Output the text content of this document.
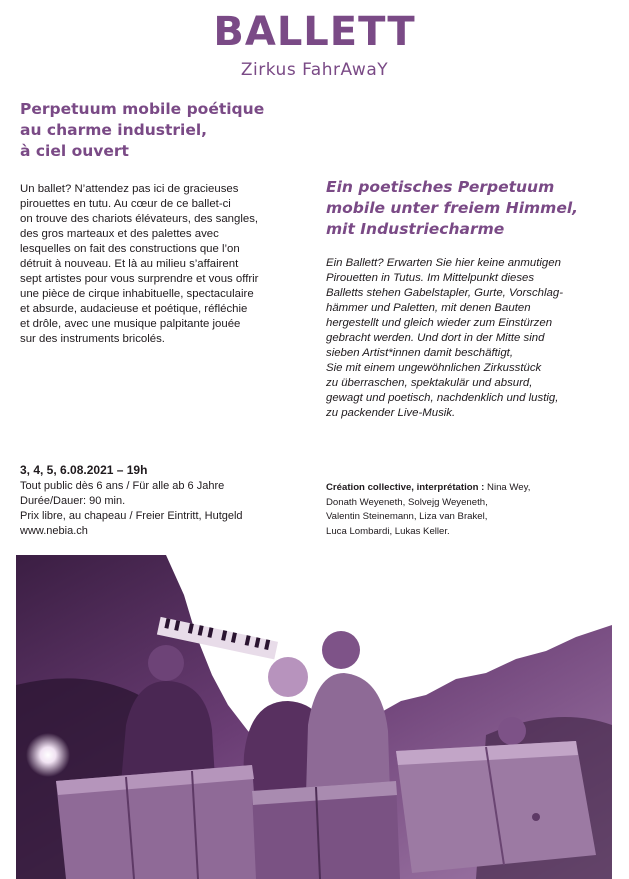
BALLETT
Zirkus FahrAwaY
Perpetuum mobile poétique
au charme industriel,
à ciel ouvert
Un ballet? N’attendez pas ici de gracieuses
pirouettes en tutu. Au cœur de ce ballet-ci
on trouve des chariots élévateurs, des sangles,
des gros marteaux et des palettes avec
lesquelles on fait des constructions que l’on
détruit à nouveau. Et là au milieu s’affairent
sept artistes pour vous surprendre et vous offrir
une pièce de cirque inhabituelle, spectaculaire
et absurde, audacieuse et poétique, réfléchie
et drôle, avec une musique palpitante jouée
sur des instruments bricolés.
Ein poetisches Perpetuum
mobile unter freiem Himmel,
mit Industriecharme
Ein Ballett? Erwarten Sie hier keine anmutigen
Pirouetten in Tutus. Im Mittelpunkt dieses
Balletts stehen Gabelstapler, Gurte, Vorschlag-
hämmer und Paletten, mit denen Bauten
hergestellt und gleich wieder zum Einstürzen
gebracht werden. Und dort in der Mitte sind
sieben Artist*innen damit beschäftigt,
Sie mit einem ungewöhnlichen Zirkusstück
zu überraschen, spektakulär und absurd,
gewagt und poetisch, nachdenklich und lustig,
zu packender Live-Musik.
3, 4, 5, 6.08.2021 – 19h
Tout public dès 6 ans / Für alle ab 6 Jahre
Durée/Dauer: 90 min.
Prix libre, au chapeau / Freier Eintritt, Hutgeld
www.nebia.ch
Création collective, interprétation : Nina Wey,
Donath Weyeneth, Solvejg Weyeneth,
Valentin Steinemann, Liza van Brakel,
Luca Lombardi, Lukas Keller.
